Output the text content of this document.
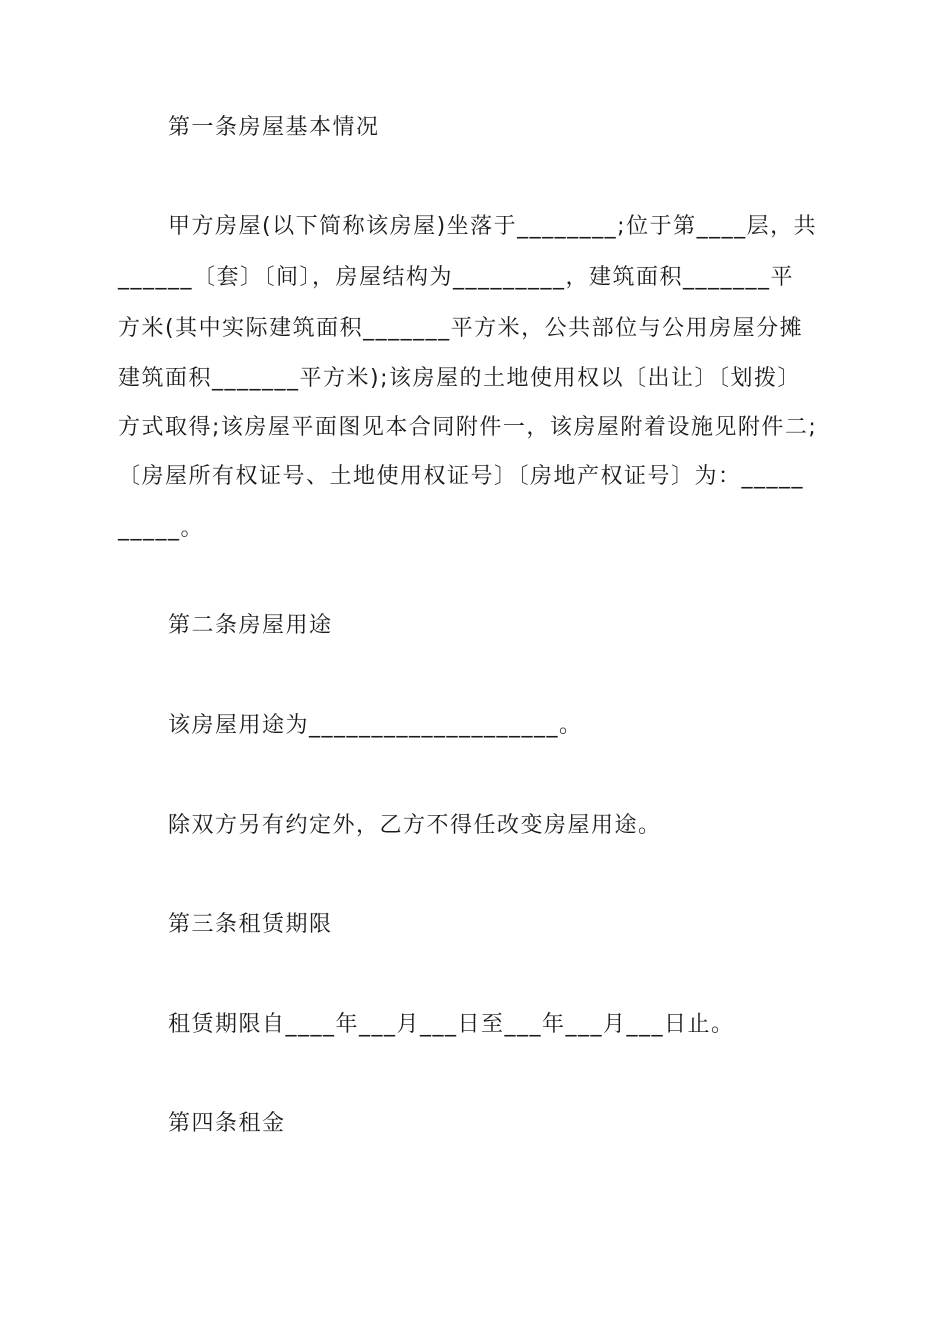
第一条房屋基本情况
甲方房屋(以下简称该房屋)坐落于________;位于第____层，共
______〔套〕〔间〕，房屋结构为_________，建筑面积_______平
方米(其中实际建筑面积_______平方米，公共部位与公用房屋分摊
建筑面积_______平方米);该房屋的土地使用权以〔出让〕〔划拨〕
方式取得;该房屋平面图见本合同附件一，该房屋附着设施见附件二;
〔房屋所有权证号、土地使用权证号〕〔房地产权证号〕为：_____
_____。
第二条房屋用途
该房屋用途为____________________。
除双方另有约定外，乙方不得任改变房屋用途。
第三条租赁期限
租赁期限自____年___月___日至___年___月___日止。
第四条租金
